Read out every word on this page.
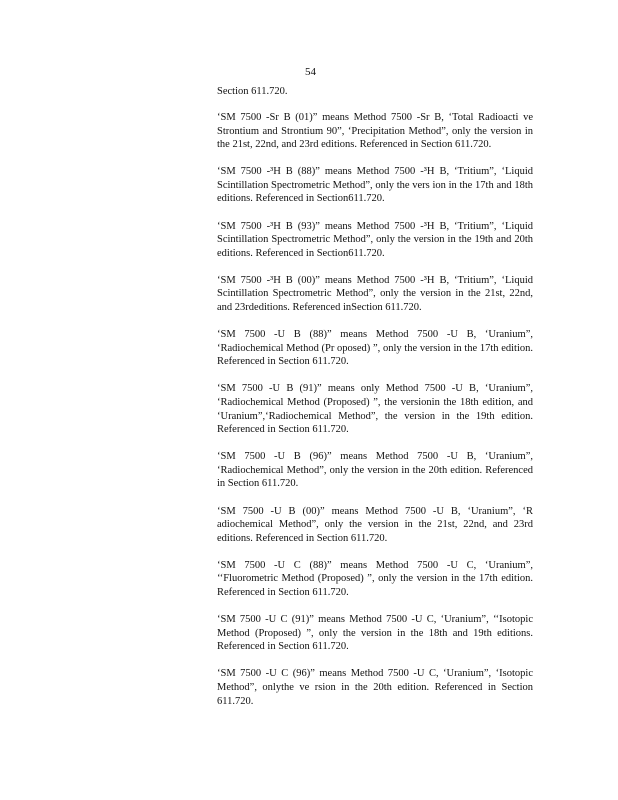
54
Section 611.720.

‘SM 7500 -Sr B (01)” means Method 7500 -Sr B, ‘Total Radioacti ve Strontium and Strontium 90”, ‘Precipitation Method”, only the version in the 21st, 22nd, and 23rd editions. Referenced in Section 611.720.

‘SM 7500 -³H B (88)” means Method 7500 -³H B, ‘Tritium”, ‘Liquid Scintillation Spectrometric Method”, only the vers ion in the 17th and 18th editions. Referenced in Section611.720.

‘SM 7500 -³H B (93)” means Method 7500 -³H B, ‘Tritium”, ‘Liquid Scintillation Spectrometric Method”, only the version in the 19th and 20th editions. Referenced in Section611.720.

‘SM 7500 -³H B (00)” means Method 7500 -³H B, ‘Tritium”, ‘Liquid Scintillation Spectrometric Method”, only the version in the 21st, 22nd, and 23rdeditions. Referenced inSection 611.720.

‘SM 7500 -U B (88)” means Method 7500 -U B, ‘Uranium”, ‘Radiochemical Method (Pr oposed) ”, only the version in the 17th edition. Referenced in Section 611.720.

‘SM 7500 -U B (91)” means only Method 7500 -U B, ‘Uranium”, ‘Radiochemical Method (Proposed) ”, the versionin the 18th edition, and ‘Uranium”,‘Radiochemical Method”, the version in the 19th edition. Referenced in Section 611.720.

‘SM 7500 -U B (96)” means Method 7500 -U B, ‘Uranium”, ‘Radiochemical Method”, only the version in the 20th edition. Referenced in Section 611.720.

‘SM 7500 -U B (00)” means Method 7500 -U B, ‘Uranium”, ‘R adiochemical Method”, only the version in the 21st, 22nd, and 23rd editions. Referenced in Section 611.720.

‘SM 7500 -U C (88)” means Method 7500 -U C, ‘Uranium”, ‘‘Fluorometric Method (Proposed) ”, only the version in the 17th edition. Referenced in Section 611.720.

‘SM 7500 -U C (91)” means Method 7500 -U C, ‘Uranium”, ‘‘Isotopic Method (Proposed) ”, only the version in the 18th and 19th editions. Referenced in Section 611.720.

‘SM 7500 -U C (96)” means Method 7500 -U C, ‘Uranium”, ‘Isotopic Method”, onlythe ve rsion in the 20th edition. Referenced in Section 611.720.
